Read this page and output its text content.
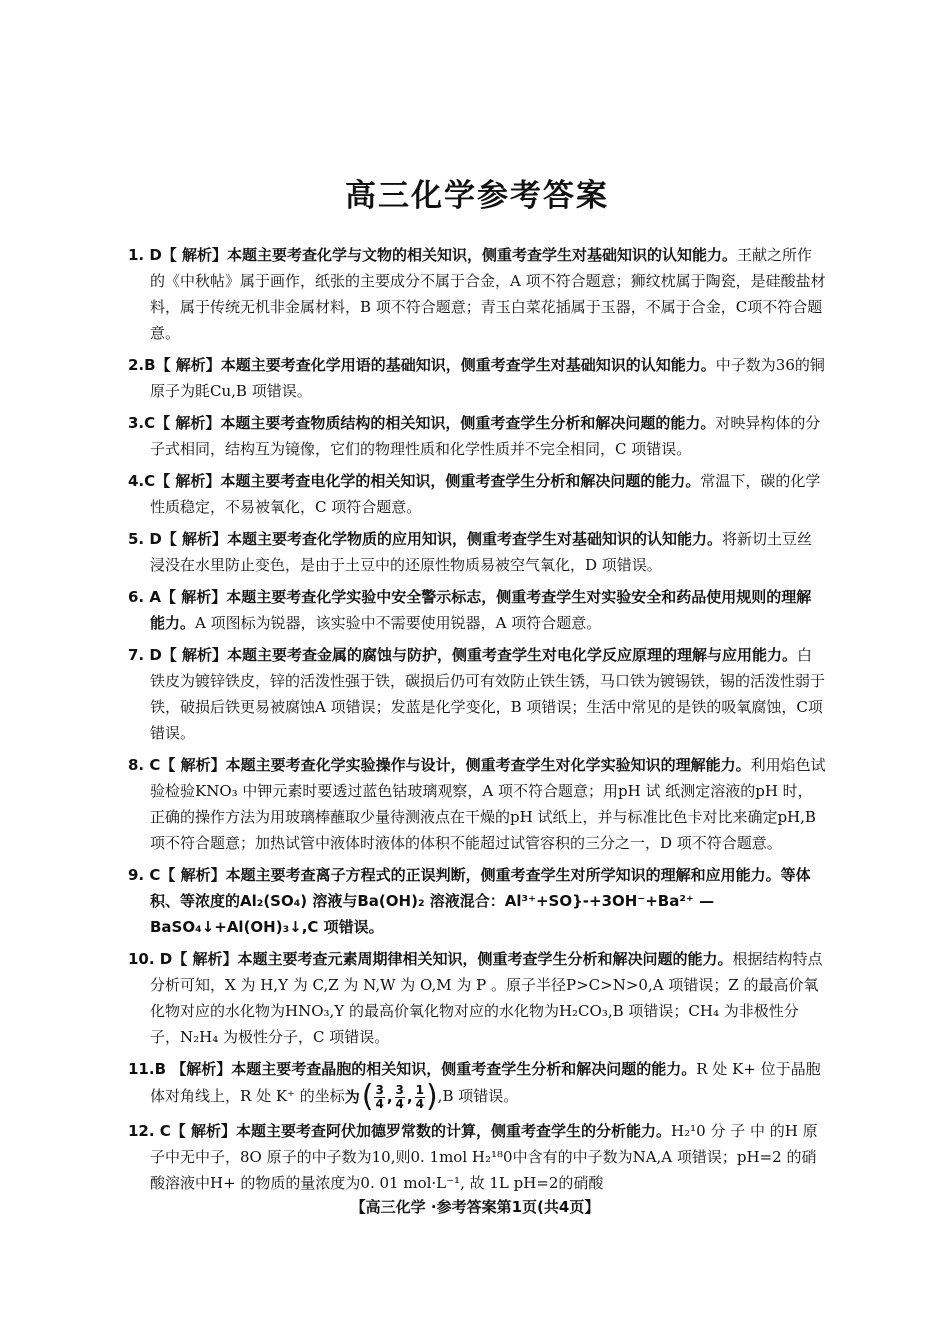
高三化学参考答案

1. D【 解析】本题主要考查化学与文物的相关知识，侧重考查学生对基础知识的认知能力。王献之所作的《中秋帖》属于画作，纸张的主要成分不属于合金，A 项不符合题意；狮纹枕属于陶瓷，是硅酸盐材料，属于传统无机非金属材料，B 项不符合题意；青玉白菜花插属于玉器，不属于合金，C项不符合题意。

2.B【 解析】本题主要考查化学用语的基础知识，侧重考查学生对基础知识的认知能力。中子数为36的铜原子为㲘Cu,B 项错误。

3.C【 解析】本题主要考查物质结构的相关知识，侧重考查学生分析和解决问题的能力。对映异构体的分子式相同，结构互为镜像，它们的物理性质和化学性质并不完全相同，C 项错误。

4.C【 解析】本题主要考查电化学的相关知识，侧重考查学生分析和解决问题的能力。常温下，碳的化学性质稳定，不易被氧化，C 项符合题意。

5. D【 解析】本题主要考查化学物质的应用知识，侧重考查学生对基础知识的认知能力。将新切土豆丝浸没在水里防止变色，是由于土豆中的还原性物质易被空气氧化，D 项错误。

6. A【 解析】本题主要考查化学实验中安全警示标志，侧重考查学生对实验安全和药品使用规则的理解能力。A 项图标为锐器，该实验中不需要使用锐器，A 项符合题意。

7. D【 解析】本题主要考查金属的腐蚀与防护，侧重考查学生对电化学反应原理的理解与应用能力。白铁皮为镀锌铁皮，锌的活泼性强于铁，碳损后仍可有效防止铁生锈，马口铁为镀锡铁，锡的活泼性弱于铁，破损后铁更易被腐蚀A 项错误；发蓝是化学变化，B 项错误；生活中常见的是铁的吸氧腐蚀，C项错误。

8. C【 解析】本题主要考查化学实验操作与设计，侧重考查学生对化学实验知识的理解能力。利用焰色试验检验KNO₃ 中钾元素时要透过蓝色钴玻璃观察，A 项不符合题意；用pH 试 纸测定溶液的pH 时，正确的操作方法为用玻璃棒蘸取少量待测液点在干燥的pH 试纸上，并与标准比色卡对比来确定pH,B 项不符合题意；加热试管中液体时液体的体积不能超过试管容积的三分之一，D 项不符合题意。

9. C【 解析】本题主要考查离子方程式的正误判断，侧重考查学生对所学知识的理解和应用能力。等体积、等浓度的Al₂(SO₄) 溶液与Ba(OH)₂ 溶液混合：Al³⁺+SO}-+3OH⁻+Ba²⁺ —BaSO₄↓+Al(OH)₃↓,C 项错误。

10. D【 解析】本题主要考查元素周期律相关知识，侧重考查学生分析和解决问题的能力。根据结构特点分析可知，X 为 H,Y 为 C,Z 为 N,W 为 O,M 为 P 。原子半径P>C>N>0,A 项错误；Z 的最高价氧化物对应的水化物为HNO₃,Y 的最高价氧化物对应的水化物为H₂CO₃,B 项错误；CH₄ 为非极性分子，N₂H₄ 为极性分子，C 项错误。

11.B 【解析】本题主要考查晶胞的相关知识，侧重考查学生分析和解决问题的能力。R 处 K+ 位于晶胞体对角线上，R 处 K⁺ 的坐标 为 ( $\frac{3}{4}$ , $\frac{3}{4}$ , $\frac{1}{4}$ ) ,B 项错误。

12. C【 解析】本题主要考查阿伏加德罗常数的计算，侧重考查学生的分析能力。H₂¹0 分 子 中 的H 原子中无中子，8O 原子的中子数为10,则0. 1mol H₂¹⁸0中含有的中子数为NA,A 项错误；pH=2 的硝酸溶液中H+ 的物质的量浓度为0. 01 mol·L⁻¹, 故 1L pH=2的硝酸

【高三化学 ·参考答案第1页(共4页】
